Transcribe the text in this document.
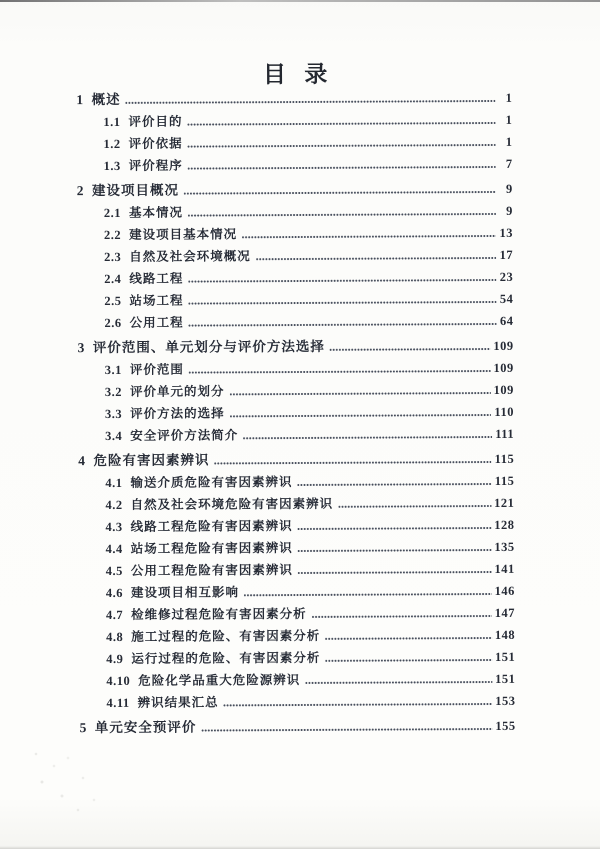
目 录
1 概述	1
1.1 评价目的	1
1.2 评价依据	1
1.3 评价程序	7
2 建设项目概况	9
2.1 基本情况	9
2.2 建设项目基本情况	13
2.3 自然及社会环境概况	17
2.4 线路工程	23
2.5 站场工程	54
2.6 公用工程	64
3 评价范围、单元划分与评价方法选择	109
3.1 评价范围	109
3.2 评价单元的划分	109
3.3 评价方法的选择	110
3.4 安全评价方法简介	111
4 危险有害因素辨识	115
4.1 输送介质危险有害因素辨识	115
4.2 自然及社会环境危险有害因素辨识	121
4.3 线路工程危险有害因素辨识	128
4.4 站场工程危险有害因素辨识	135
4.5 公用工程危险有害因素辨识	141
4.6 建设项目相互影响	146
4.7 检维修过程危险有害因素分析	147
4.8 施工过程的危险、有害因素分析	148
4.9 运行过程的危险、有害因素分析	151
4.10 危险化学品重大危险源辨识	151
4.11 辨识结果汇总	153
5 单元安全预评价	155
